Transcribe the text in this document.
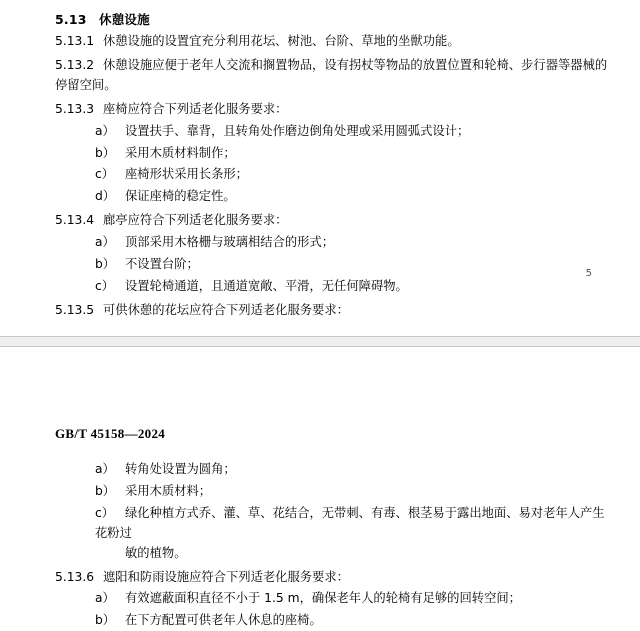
5.13 休憩设施
5.13.1 休憩设施的设置宜充分利用花坛、树池、台阶、草地的坐獣功能。
5.13.2 休憩设施应便于老年人交流和搁置物品，设有拐杖等物品的放置位置和轮椅、步行器等器械的
停留空间。
5.13.3 座椅应符合下列适老化服务要求：
a） 设置扶手、靠背，且转角处作磨边倒角处理或采用圆弧式设计；
b） 采用木质材料制作；
c） 座椅形状采用长条形；
d） 保证座椅的稳定性。
5.13.4 廊亭应符合下列适老化服务要求：
a） 顶部采用木格栅与玻璃相结合的形式；
b） 不设置台阶；
c） 设置轮椅通道，且通道宽敞、平滑，无任何障碍物。
5.13.5 可供休憩的花坛应符合下列适老化服务要求：
5
GB/T 45158—2024
a） 转角处设置为圆角；
b） 采用木质材料；
c） 绿化种植方式乔、灌、草、花结合，无带刺、有毒、根茎易于露出地面、易对老年人产生花粉过
敏的植物。
5.13.6 遮阳和防雨设施应符合下列适老化服务要求：
a） 有效遮蔽面积直径不小于 1.5 m，确保老年人的轮椅有足够的回转空间；
b） 在下方配置可供老年人休息的座椅。
